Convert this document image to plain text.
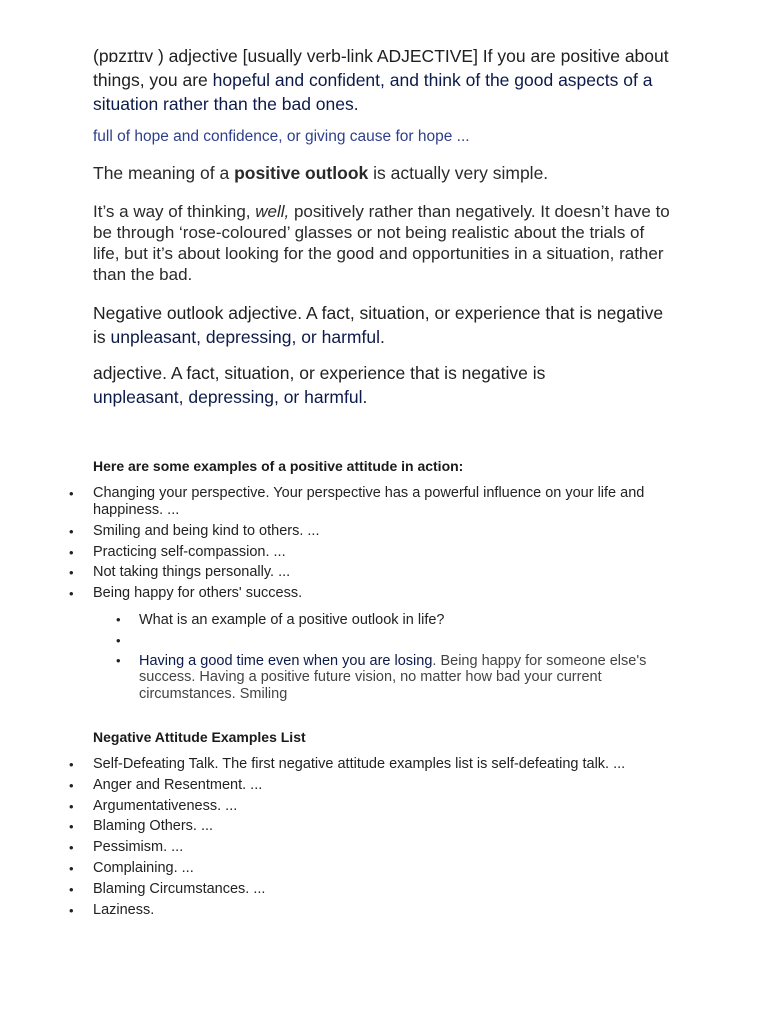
(pɒzɪtɪv ) adjective [usually verb-link ADJECTIVE] If you are positive about things, you are hopeful and confident, and think of the good aspects of a situation rather than the bad ones.

full of hope and confidence, or giving cause for hope ...

The meaning of a positive outlook is actually very simple.

It’s a way of thinking, well, positively rather than negatively. It doesn’t have to be through ‘rose-coloured’ glasses or not being realistic about the trials of life, but it’s about looking for the good and opportunities in a situation, rather than the bad.

Negative outlook adjective. A fact, situation, or experience that is negative is unpleasant, depressing, or harmful.

adjective. A fact, situation, or experience that is negative is unpleasant, depressing, or harmful.

Here are some examples of a positive attitude in action:

• Changing your perspective. Your perspective has a powerful influence on your life and happiness. ...
• Smiling and being kind to others. ...
• Practicing self-compassion. ...
• Not taking things personally. ...
• Being happy for others' success.
• What is an example of a positive outlook in life?
•
• Having a good time even when you are losing. Being happy for someone else's success. Having a positive future vision, no matter how bad your current circumstances. Smiling

Negative Attitude Examples List

• Self-Defeating Talk. The first negative attitude examples list is self-defeating talk. ...
• Anger and Resentment. ...
• Argumentativeness. ...
• Blaming Others. ...
• Pessimism. ...
• Complaining. ...
• Blaming Circumstances. ...
• Laziness.
